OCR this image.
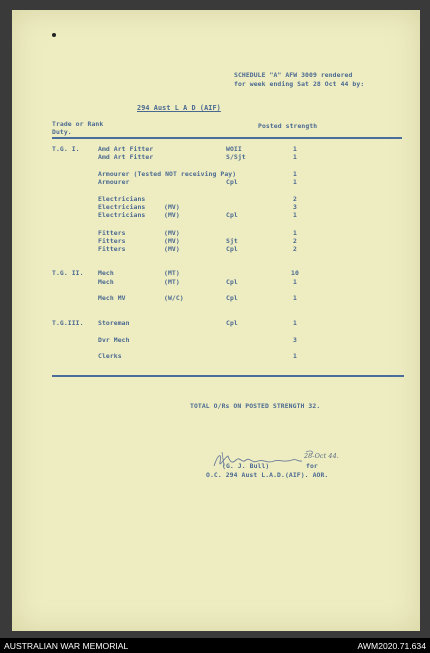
SCHEDULE "A" AFW 3009 rendered
for week ending Sat 28 Oct 44 by:
294 Aust L A D (AIF)
Trade or Rank
Duty.
Posted strength
T.G. I.	Amd Art Fitter	WOII	1
Amd Art Fitter	S/Sjt	1
Armourer (Tested NOT receiving Pay)	1
Armourer	Cpl	1
Electricians	2
Electricians	(MV)	3
Electricians	(MV)	Cpl	1
Fitters	(MV)	1
Fitters	(MV)	Sjt	2
Fitters	(MV)	Cpl	2
T.G. II. Mech	(MT)	10
Mech	(MT)	Cpl	1
Mech MV	(W/C)	Cpl	1
T.G.III. Storeman	Cpl	1
Dvr Mech	3
Clerks	1
TOTAL O/Rs ON POSTED STRENGTH 32.
28-Oct 44.
(G. J. Bull)	for
O.C. 294 Aust L.A.D.(AIF). AOR.
AUSTRALIAN WAR MEMORIAL	AWM2020.71.634
